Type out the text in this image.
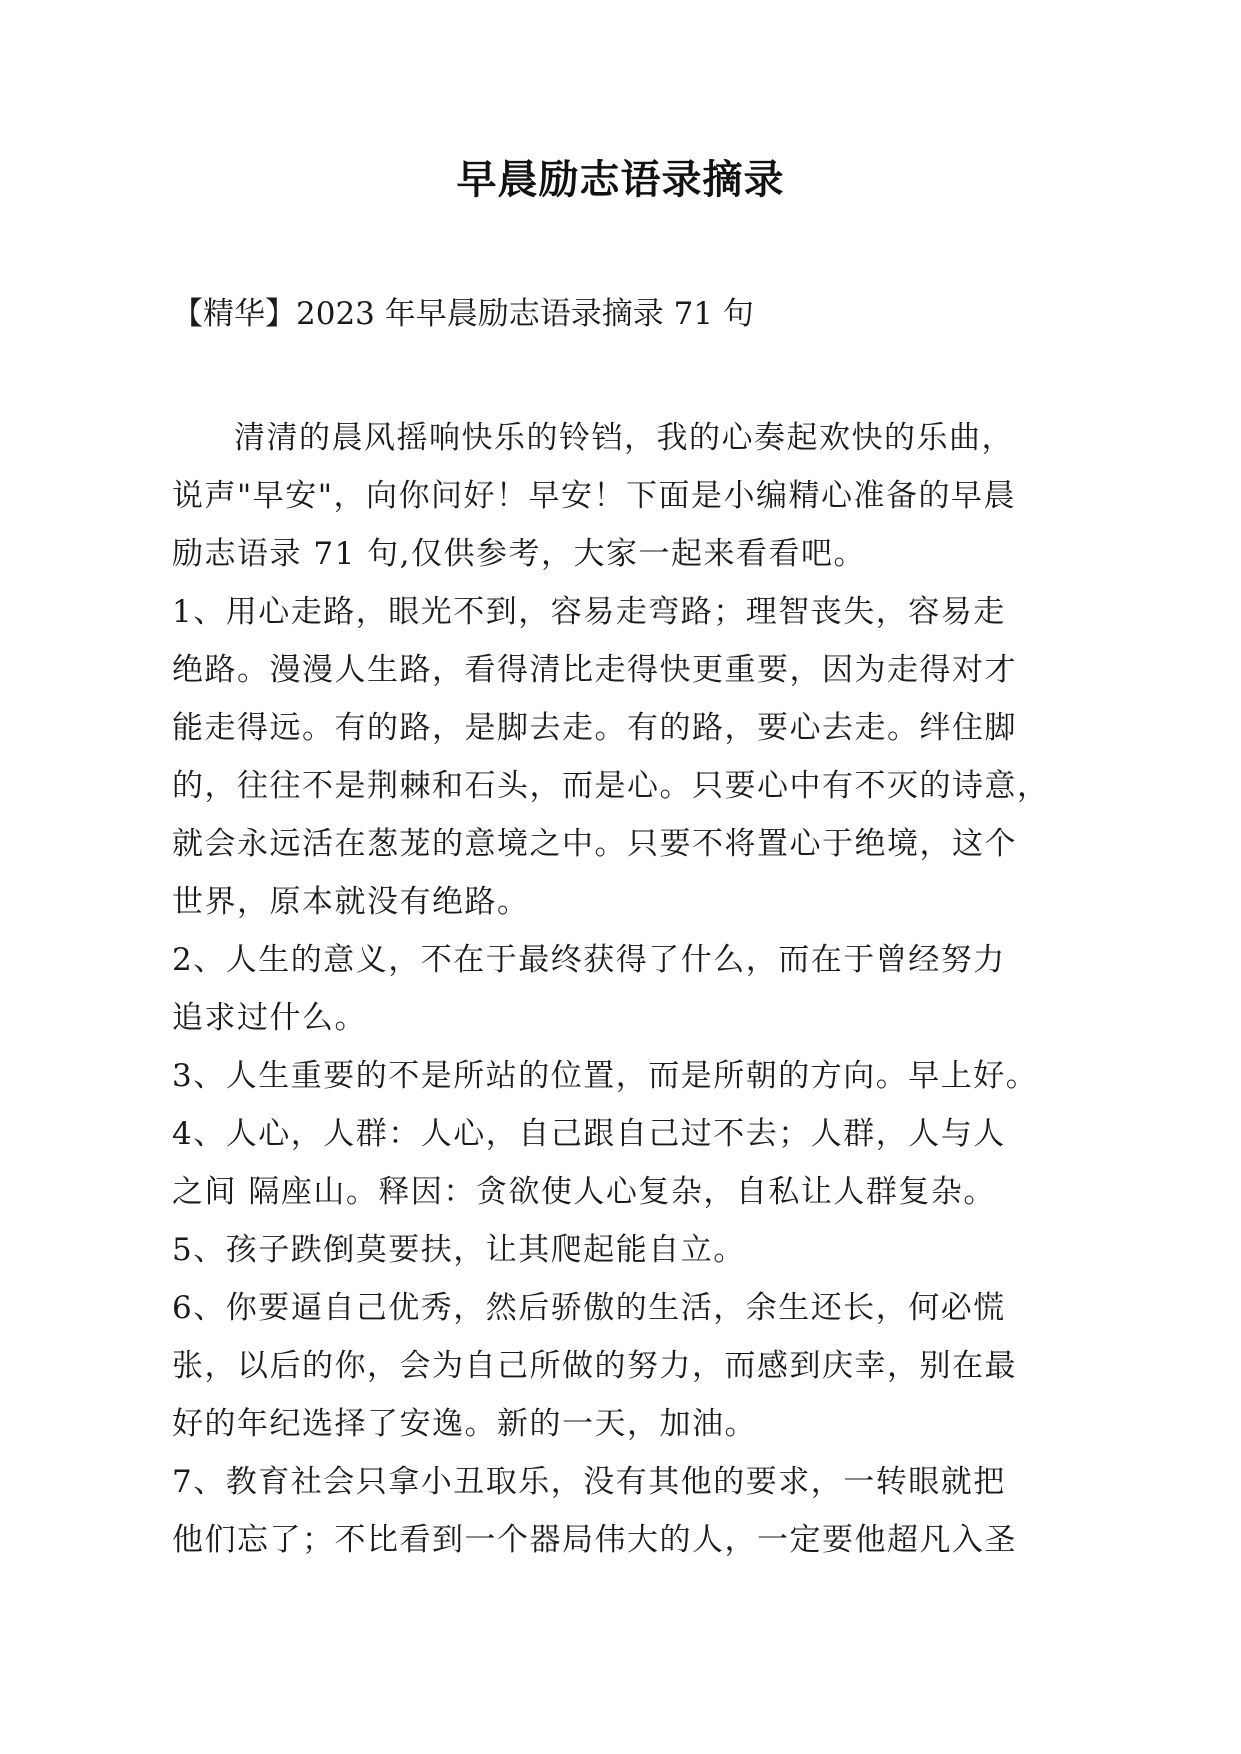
早晨励志语录摘录

【精华】2023 年早晨励志语录摘录 71 句

清清的晨风摇响快乐的铃铛，我的心奏起欢快的乐曲，
说声"早安"，向你问好！早安！下面是小编精心准备的早晨
励志语录 71 句,仅供参考，大家一起来看看吧。

1、用心走路，眼光不到，容易走弯路；理智丧失，容易走
绝路。漫漫人生路，看得清比走得快更重要，因为走得对才
能走得远。有的路，是脚去走。有的路，要心去走。绊住脚
的，往往不是荆棘和石头，而是心。只要心中有不灭的诗意，
就会永远活在葱茏的意境之中。只要不将置心于绝境，这个
世界，原本就没有绝路。

2、人生的意义，不在于最终获得了什么，而在于曾经努力
追求过什么。

3、人生重要的不是所站的位置，而是所朝的方向。早上好。

4、人心，人群：人心，自己跟自己过不去；人群，人与人
之间 隔座山。释因：贪欲使人心复杂，自私让人群复杂。

5、孩子跌倒莫要扶，让其爬起能自立。

6、你要逼自己优秀，然后骄傲的生活，余生还长，何必慌
张，以后的你，会为自己所做的努力，而感到庆幸，别在最
好的年纪选择了安逸。新的一天，加油。

7、教育社会只拿小丑取乐，没有其他的要求，一转眼就把
他们忘了；不比看到一个器局伟大的人，一定要他超凡入圣
